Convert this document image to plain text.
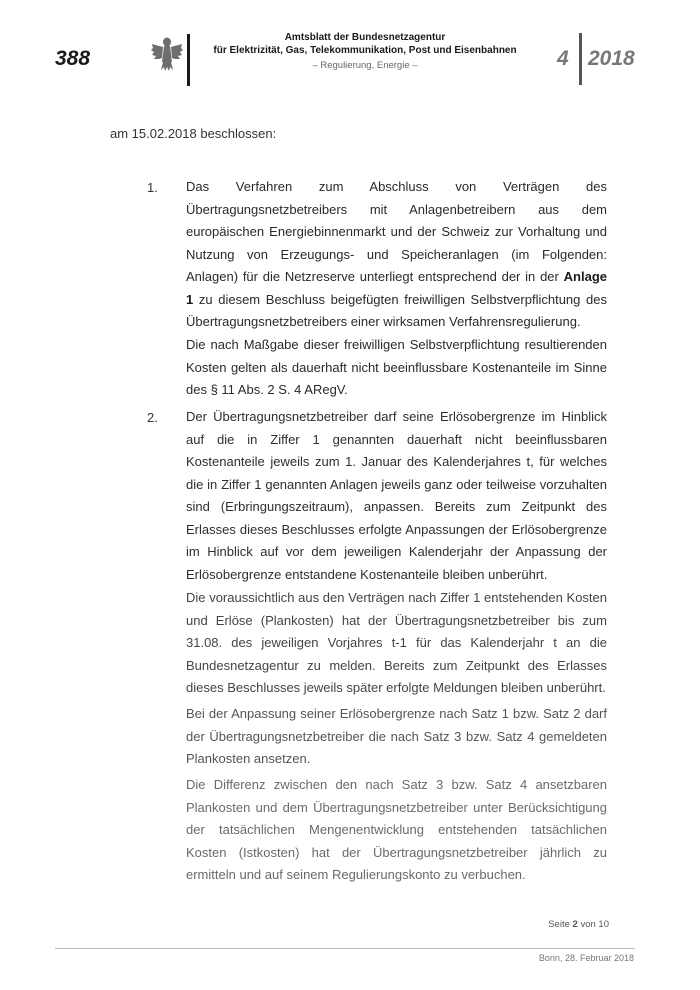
388
Amtsblatt der Bundesnetzagentur
für Elektrizität, Gas, Telekommunikation, Post und Eisenbahnen
– Regulierung, Energie –	4 2018
am 15.02.2018 beschlossen:
1. Das Verfahren zum Abschluss von Verträgen des Übertragungsnetzbetreibers mit Anlagenbetreibern aus dem europäischen Energiebinnenmarkt und der Schweiz zur Vorhaltung und Nutzung von Erzeugungs- und Speicheranlagen (im Folgenden: Anlagen) für die Netzreserve unterliegt entsprechend der in der Anlage 1 zu diesem Beschluss beigefügten freiwilligen Selbstverpflichtung des Übertragungsnetzbetreibers einer wirksamen Verfahrensregulierung.

Die nach Maßgabe dieser freiwilligen Selbstverpflichtung resultierenden Kosten gelten als dauerhaft nicht beeinflussbare Kostenanteile im Sinne des § 11 Abs. 2 S. 4 ARegV.

2. Der Übertragungsnetzbetreiber darf seine Erlösobergrenze im Hinblick auf die in Ziffer 1 genannten dauerhaft nicht beeinflussbaren Kostenanteile jeweils zum 1. Januar des Kalenderjahres t, für welches die in Ziffer 1 genannten Anlagen jeweils ganz oder teilweise vorzuhalten sind (Erbringungszeitraum), anpassen. Bereits zum Zeitpunkt des Erlasses dieses Beschlusses erfolgte Anpassungen der Erlösobergrenze im Hinblick auf vor dem jeweiligen Kalenderjahr der Anpassung der Erlösobergrenze entstandene Kostenanteile bleiben unberührt.

Die voraussichtlich aus den Verträgen nach Ziffer 1 entstehenden Kosten und Erlöse (Plankosten) hat der Übertragungsnetzbetreiber bis zum 31.08. des jeweiligen Vorjahres t-1 für das Kalenderjahr t an die Bundesnetzagentur zu melden. Bereits zum Zeitpunkt des Erlasses dieses Beschlusses jeweils später erfolgte Meldungen bleiben unberührt.

Bei der Anpassung seiner Erlösobergrenze nach Satz 1 bzw. Satz 2 darf der Übertragungsnetzbetreiber die nach Satz 3 bzw. Satz 4 gemeldeten Plankosten ansetzen.

Die Differenz zwischen den nach Satz 3 bzw. Satz 4 ansetzbaren Plankosten und dem Übertragungsnetzbetreiber unter Berücksichtigung der tatsächlichen Mengenentwicklung entstehenden tatsächlichen Kosten (Istkosten) hat der Übertragungsnetzbetreiber jährlich zu ermitteln und auf seinem Regulierungskonto zu verbuchen.

Seite 2 von 10
Bonn, 28. Februar 2018
